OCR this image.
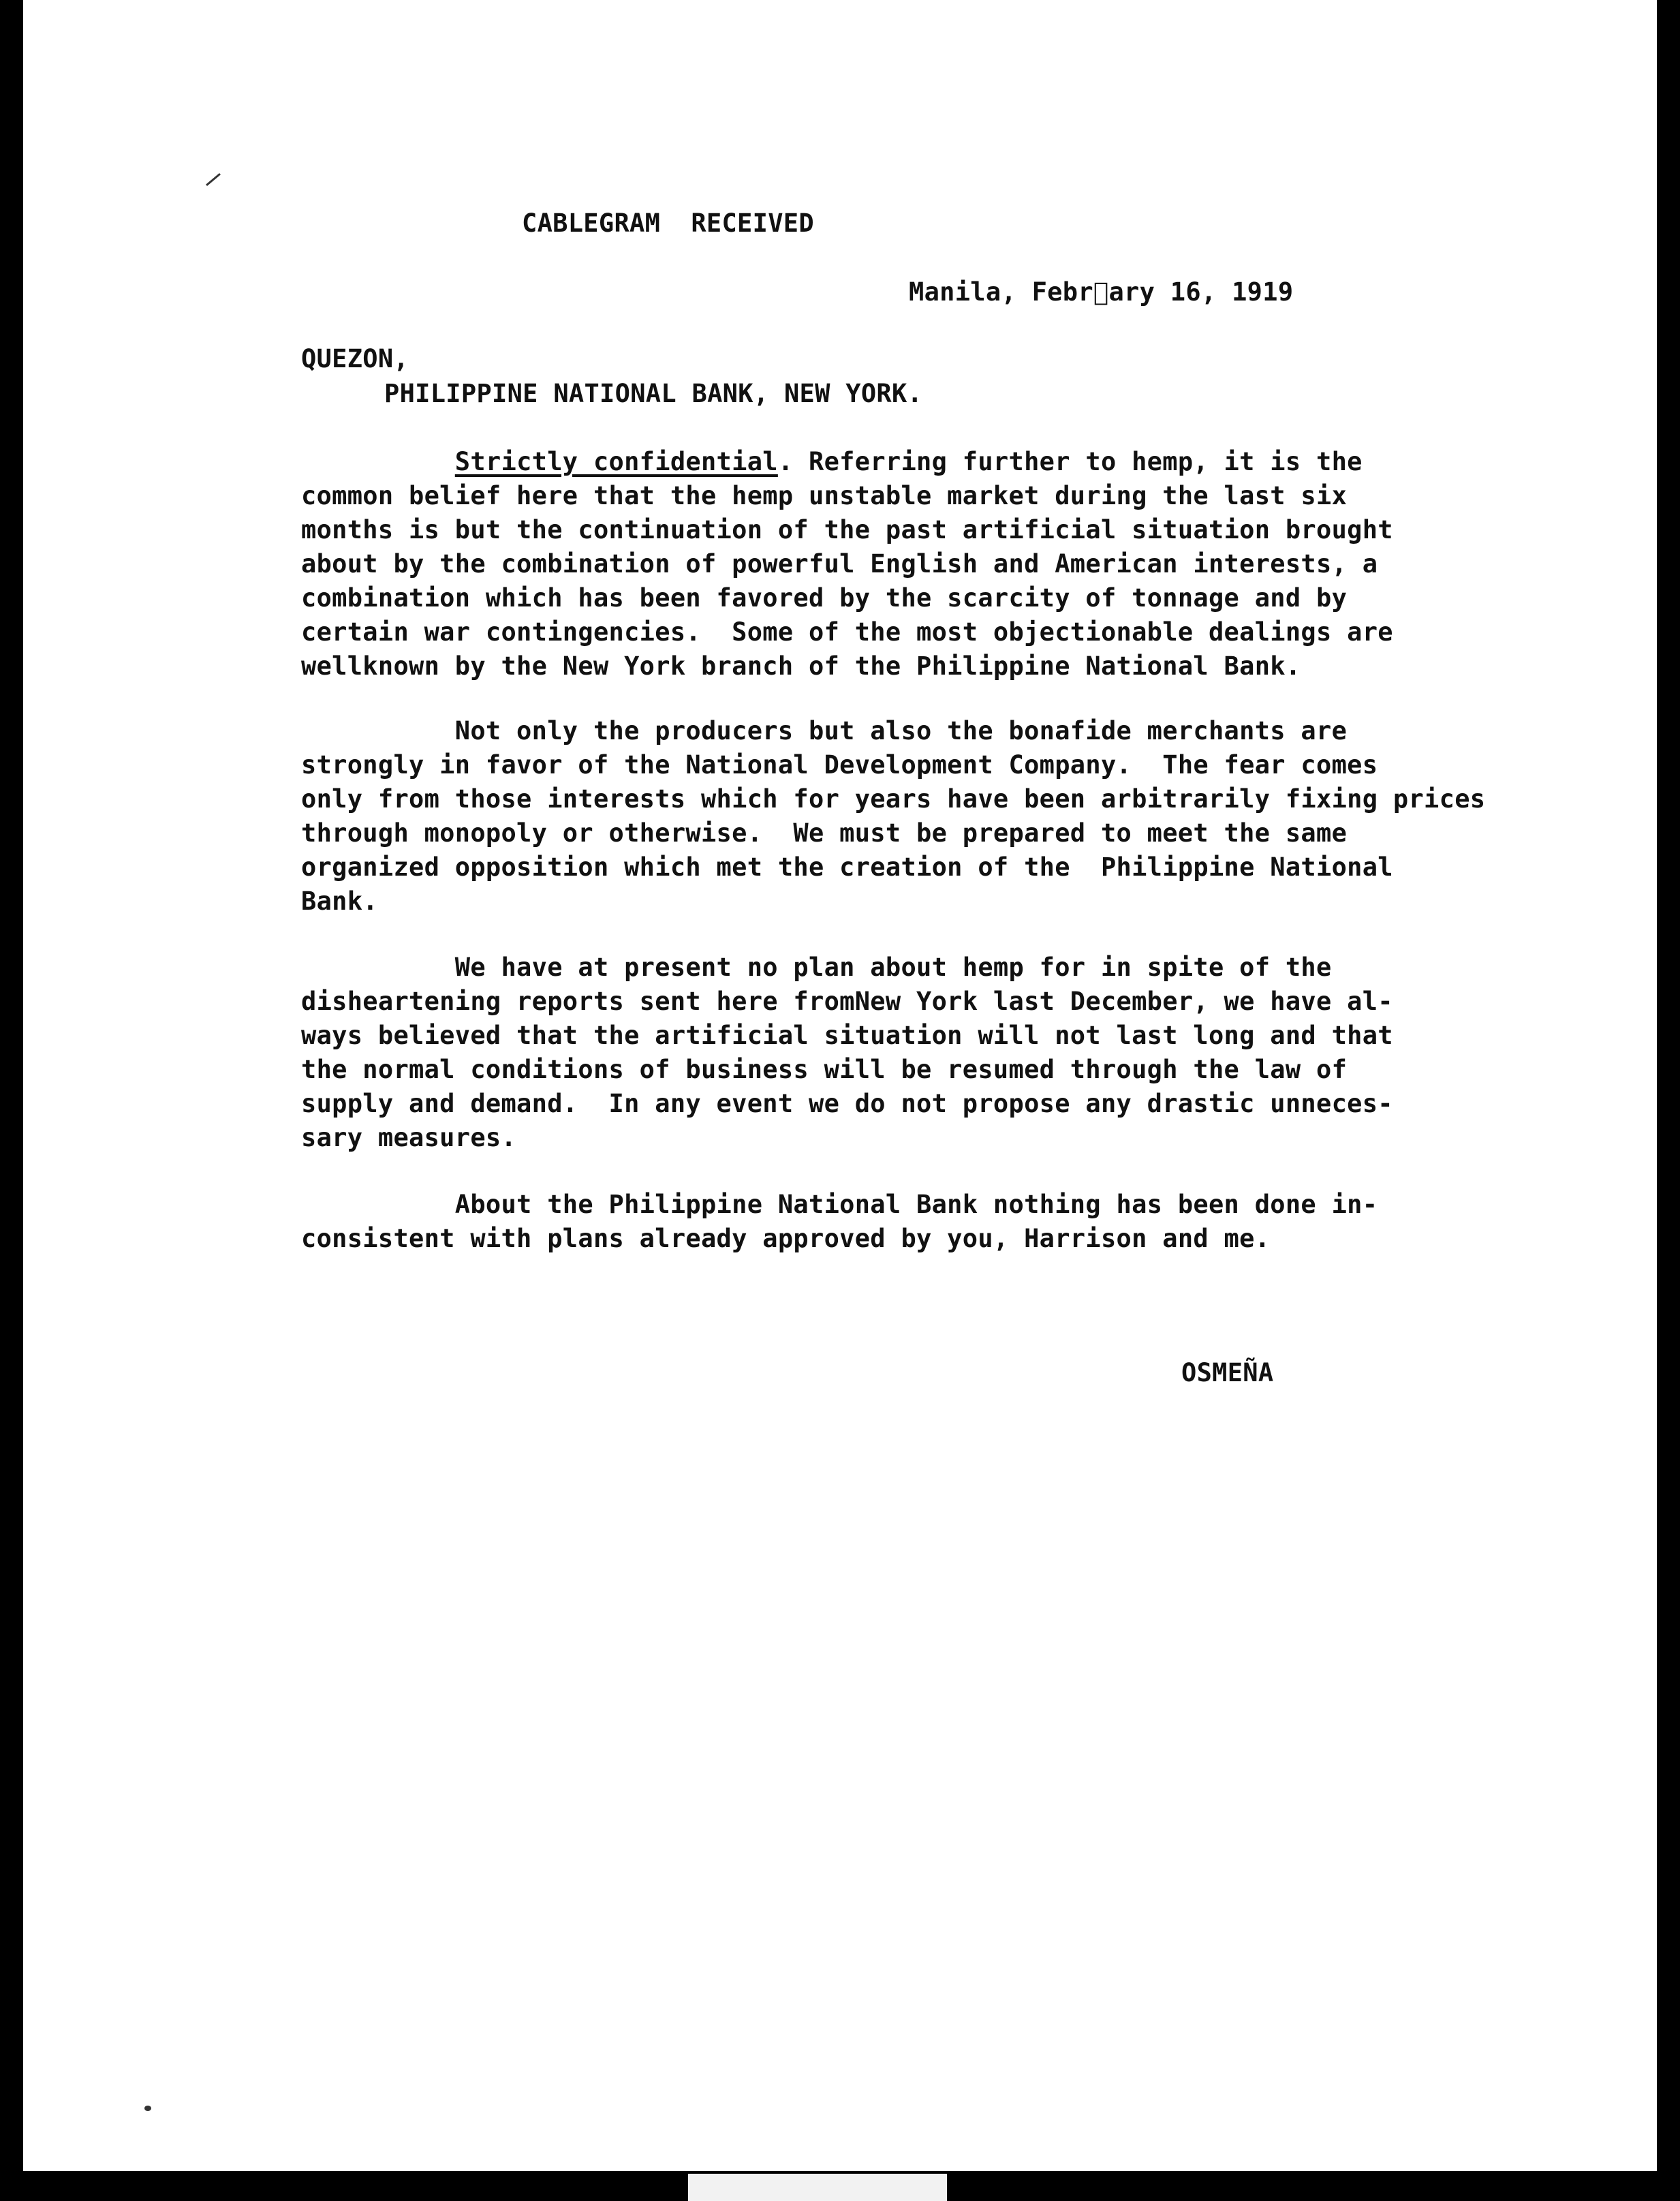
CABLEGRAM  RECEIVED

Manila, Febr ary 16, 1919

QUEZON,

PHILIPPINE NATIONAL BANK, NEW YORK.

Strictly confidential. Referring further to hemp, it is the
common belief here that the hemp unstable market during the last six
months is but the continuation of the past artificial situation brought
about by the combination of powerful English and American interests, a
combination which has been favored by the scarcity of tonnage and by
certain war contingencies.  Some of the most objectionable dealings are
wellknown by the New York branch of the Philippine National Bank.
Not only the producers but also the bonafide merchants are
strongly in favor of the National Development Company.  The fear comes
only from those interests which for years have been arbitrarily fixing prices
through monopoly or otherwise.  We must be prepared to meet the same
organized opposition which met the creation of the  Philippine National
Bank.
We have at present no plan about hemp for in spite of the
disheartening reports sent here fromNew York last December, we have al-
ways believed that the artificial situation will not last long and that
the normal conditions of business will be resumed through the law of
supply and demand.  In any event we do not propose any drastic unneces-
sary measures.
About the Philippine National Bank nothing has been done in-
consistent with plans already approved by you, Harrison and me.

OSMEÑA
